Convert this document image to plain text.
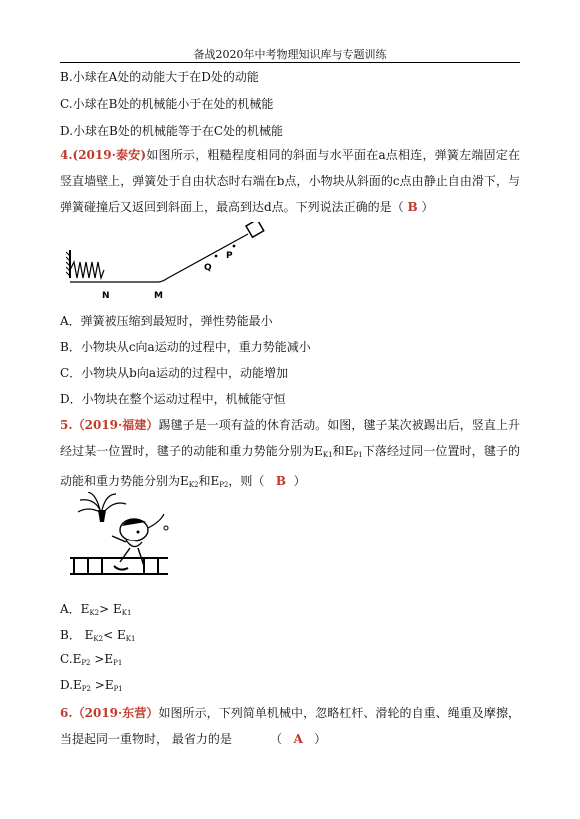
备战2020年中考物理知识库与专题训练
B.小球在A处的动能大于在D处的动能
C.小球在B处的机械能小于在处的机械能
D.小球在B处的机械能等于在C处的机械能
4.(2019·泰安)如图所示，粗糙程度相同的斜面与水平面在a点相连，弹簧左端固定在竖直墙壁上，弹簧处于自由状态时右端在b点，小物块从斜面的c点由静止自由滑下，与弹簧碰撞后又返回到斜面上，最高到达d点。下列说法正确的是（ B ）
N	M
Q
P
A．弹簧被压缩到最短时，弹性势能最小
B．小物块从c向a运动的过程中，重力势能减小
C．小物块从b向a运动的过程中，动能增加
D．小物块在整个运动过程中，机械能守恒
5.（2019·福建）踢毽子是一项有益的休育活动。如图，毽子某次被踢出后，竖直上升经过某一位置时，毽子的动能和重力势能分别为$E_{K1}$和$E_{P1}$下落经过同一位置时，毽子的动能和重力势能分别为$E_{K2}$和$E_{P2}$，则（ B ）
A．$E_{K2}> E_{K1}$
B． $E_{K2}< E_{K1}$
$C.E_{P2} >E_{P1}$
$D.E_{P2} >E_{P1}$
6.（2019·东营）如图所示，下列简单机械中，忽略杠杆、滑轮的自重、绳重及摩擦，当提起同一重物时， 最省力的是	（ A ）
